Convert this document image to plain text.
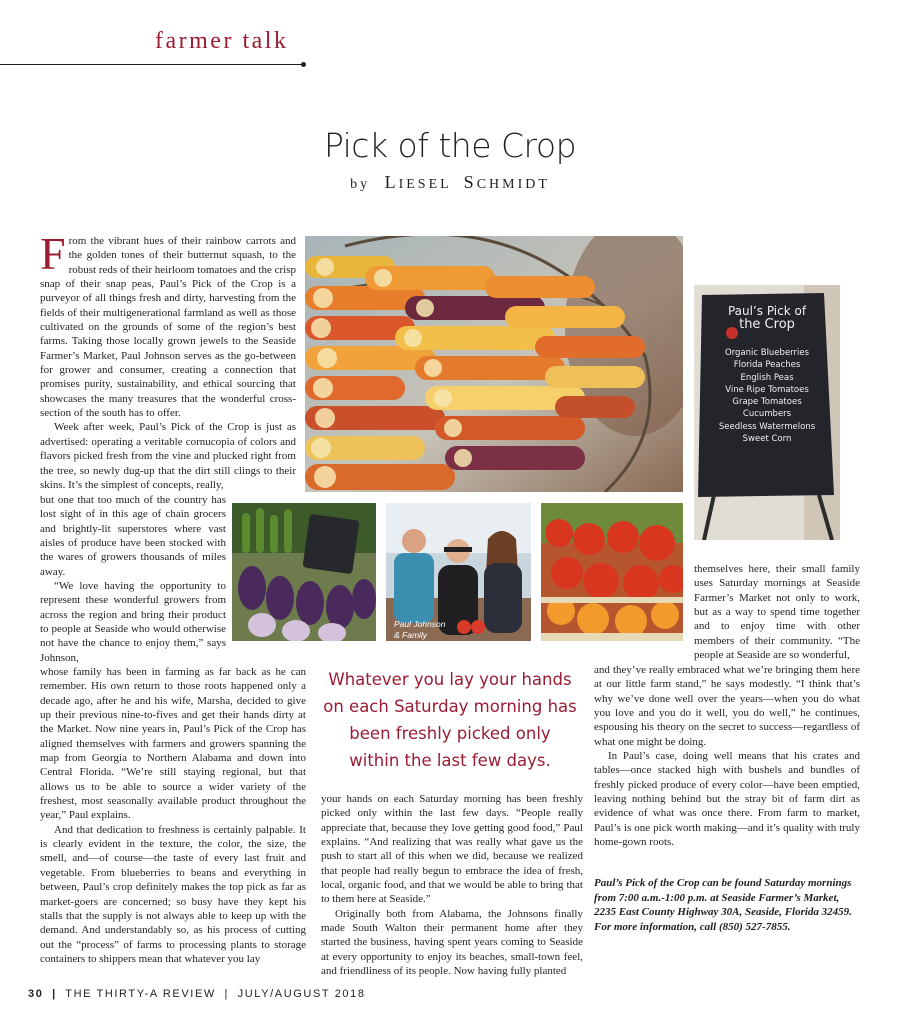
farmer talk
Pick of the Crop
by LIESEL SCHMIDT

From the vibrant hues of their rainbow carrots and the golden tones of their butternut squash, to the robust reds of their heirloom tomatoes and the crisp snap of their snap peas, Paul’s Pick of the Crop is a purveyor of all things fresh and dirty, harvesting from the fields of their multigenerational farmland as well as those cultivated on the grounds of some of the region’s best farms. Taking those locally grown jewels to the Seaside Farmer’s Market, Paul Johnson serves as the go-between for grower and consumer, creating a connection that promises purity, sustainability, and ethical sourcing that showcases the many treasures that the wonderful cross-section of the south has to offer.

Week after week, Paul’s Pick of the Crop is just as advertised: operating a veritable cornucopia of colors and flavors picked fresh from the vine and plucked right from the tree, so newly dug-up that the dirt still clings to their skins. It’s the simplest of concepts, really,

but one that too much of the country has lost sight of in this age of chain grocers and brightly-lit superstores where vast aisles of produce have been stocked with the wares of growers thousands of miles away.

“We love having the opportunity to represent these wonderful growers from across the region and bring their product to people at Seaside who would otherwise not have the chance to enjoy them,” says Johnson,

whose family has been in farming as far back as he can remember. His own return to those roots happened only a decade ago, after he and his wife, Marsha, decided to give up their previous nine-to-fives and get their hands dirty at the Market. Now nine years in, Paul’s Pick of the Crop has aligned themselves with farmers and growers spanning the map from Georgia to Northern Alabama and down into Central Florida. “We’re still staying regional, but that allows us to be able to source a wider variety of the freshest, most seasonally available product throughout the year,” Paul explains.

And that dedication to freshness is certainly palpable. It is clearly evident in the texture, the color, the size, the smell, and—of course—the taste of every last fruit and vegetable. From blueberries to beans and everything in between, Paul’s crop definitely makes the top pick as far as market-goers are concerned; so busy have they kept his stalls that the supply is not always able to keep up with the demand. And understandably so, as his process of cutting out the “process” of farms to processing plants to storage containers to shippers mean that whatever you lay

your hands on each Saturday morning has been freshly picked only within the last few days. “People really appreciate that, because they love getting good food,” Paul explains. “And realizing that was really what gave us the push to start all of this when we did, because we realized that people had really begun to embrace the idea of fresh, local, organic food, and that we would be able to bring that to them here at Seaside.”

Originally both from Alabama, the Johnsons finally made South Walton their permanent home after they started the business, having spent years coming to Seaside at every opportunity to enjoy its beaches, small-town feel, and friendliness of its people. Now having fully planted

themselves here, their small family uses Saturday mornings at Seaside Farmer’s Market not only to work, but as a way to spend time together and to enjoy time with other members of their community. “The people at Seaside are so wonderful,

and they’ve really embraced what we’re bringing them here at our little farm stand,” he says modestly. “I think that’s why we’ve done well over the years—when you do what you love and you do it well, you do well,” he continues, espousing his theory on the secret to success—regardless of what one might be doing.

In Paul’s case, doing well means that his crates and tables—once stacked high with bushels and bundles of freshly picked produce of every color—have been emptied, leaving nothing behind but the stray bit of farm dirt as evidence of what was once there. From farm to market, Paul’s is one pick worth making—and it’s quality with truly home-gown roots.

Paul’s Pick of the Crop can be found Saturday mornings from 7:00 a.m.-1:00 p.m. at Seaside Farmer’s Market, 2235 East County Highway 30A, Seaside, Florida 32459. For more information, call (850) 527-7855.
Whatever you lay your hands on each Saturday morning has been freshly picked only within the last few days.
Paul’s Pick of
the Crop
Organic Blueberries
Florida Peaches
English Peas
Vine Ripe Tomatoes
Grape Tomatoes
Cucumbers
Seedless Watermelons
Sweet Corn
Paul Johnson
& Family
30 | THE THIRTY-A REVIEW | JULY/AUGUST 2018
